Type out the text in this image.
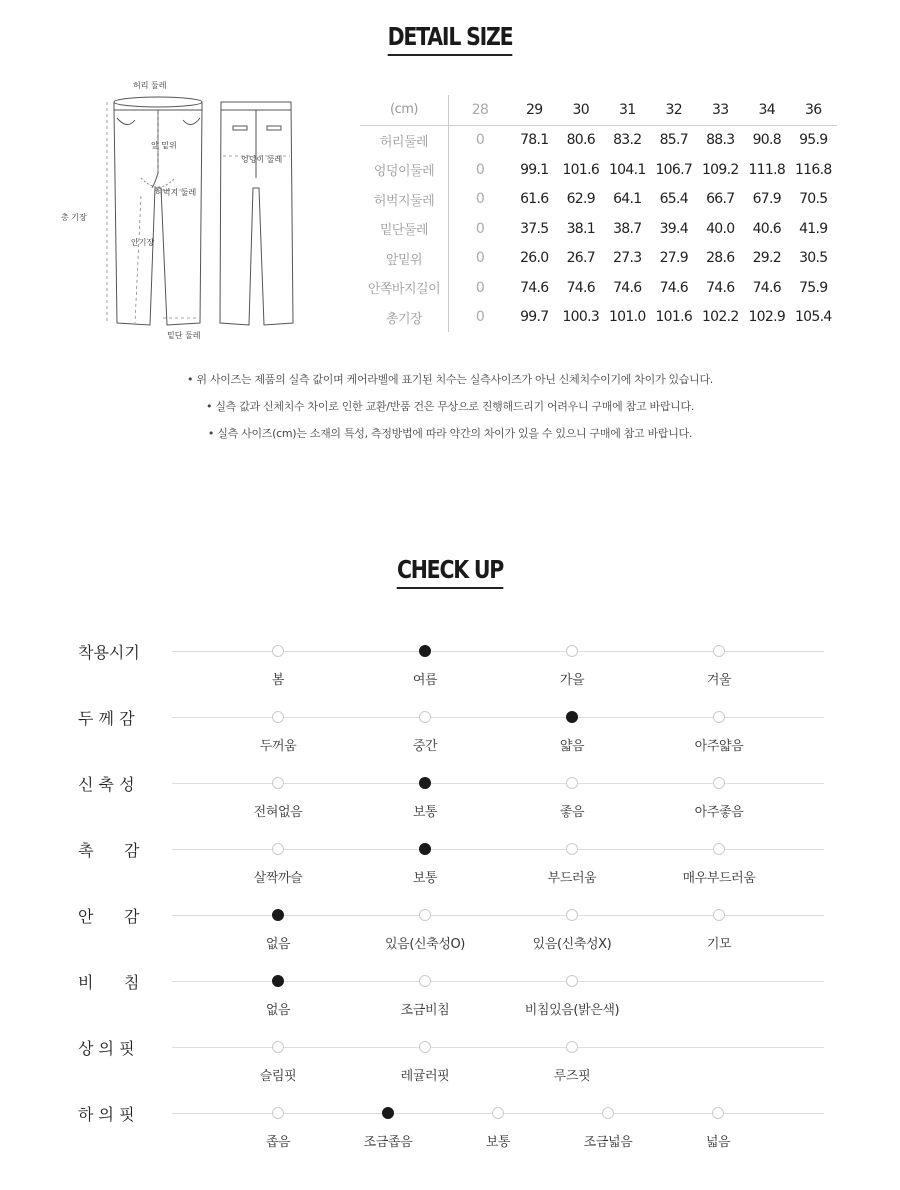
DETAIL SIZE
허리 둘레
앞 밑위
엉덩이 둘레
허벅지 둘레
총 기장
안기장
밑단 둘레
(cm)	28	29	30	31	32	33	34	36
허리둘레	0	78.1	80.6	83.2	85.7	88.3	90.8	95.9
엉덩이둘레	0	99.1	101.6	104.1	106.7	109.2	111.8	116.8
허벅지둘레	0	61.6	62.9	64.1	65.4	66.7	67.9	70.5
밑단둘레	0	37.5	38.1	38.7	39.4	40.0	40.6	41.9
앞밑위	0	26.0	26.7	27.3	27.9	28.6	29.2	30.5
안쪽바지길이	0	74.6	74.6	74.6	74.6	74.6	74.6	75.9
총기장	0	99.7	100.3	101.0	101.6	102.2	102.9	105.4
• 위 사이즈는 제품의 실측 값이며 케어라벨에 표기된 치수는 실측사이즈가 아닌 신체치수이기에 차이가 있습니다.
• 실측 값과 신체치수 차이로 인한 교환/반품 건은 무상으로 진행해드리기 어려우니 구매에 참고 바랍니다.
• 실측 사이즈(cm)는 소재의 특성, 측정방법에 따라 약간의 차이가 있을 수 있으니 구매에 참고 바랍니다.
CHECK UP
착용시기
봄	여름	가을	겨울
두 께 감
두꺼움	중간	얇음	아주얇음
신 축 성
전혀없음	보통	좋음	아주좋음
촉      감
살짝까슬	보통	부드러움	매우부드러움
안      감
없음	있음(신축성O)	있음(신축성X)	기모
비      침
없음	조금비침	비침있음(밝은색)
상 의 핏
슬림핏	레귤러핏	루즈핏
하 의 핏
좁음	조금좁음	보통	조금넓음	넓음
